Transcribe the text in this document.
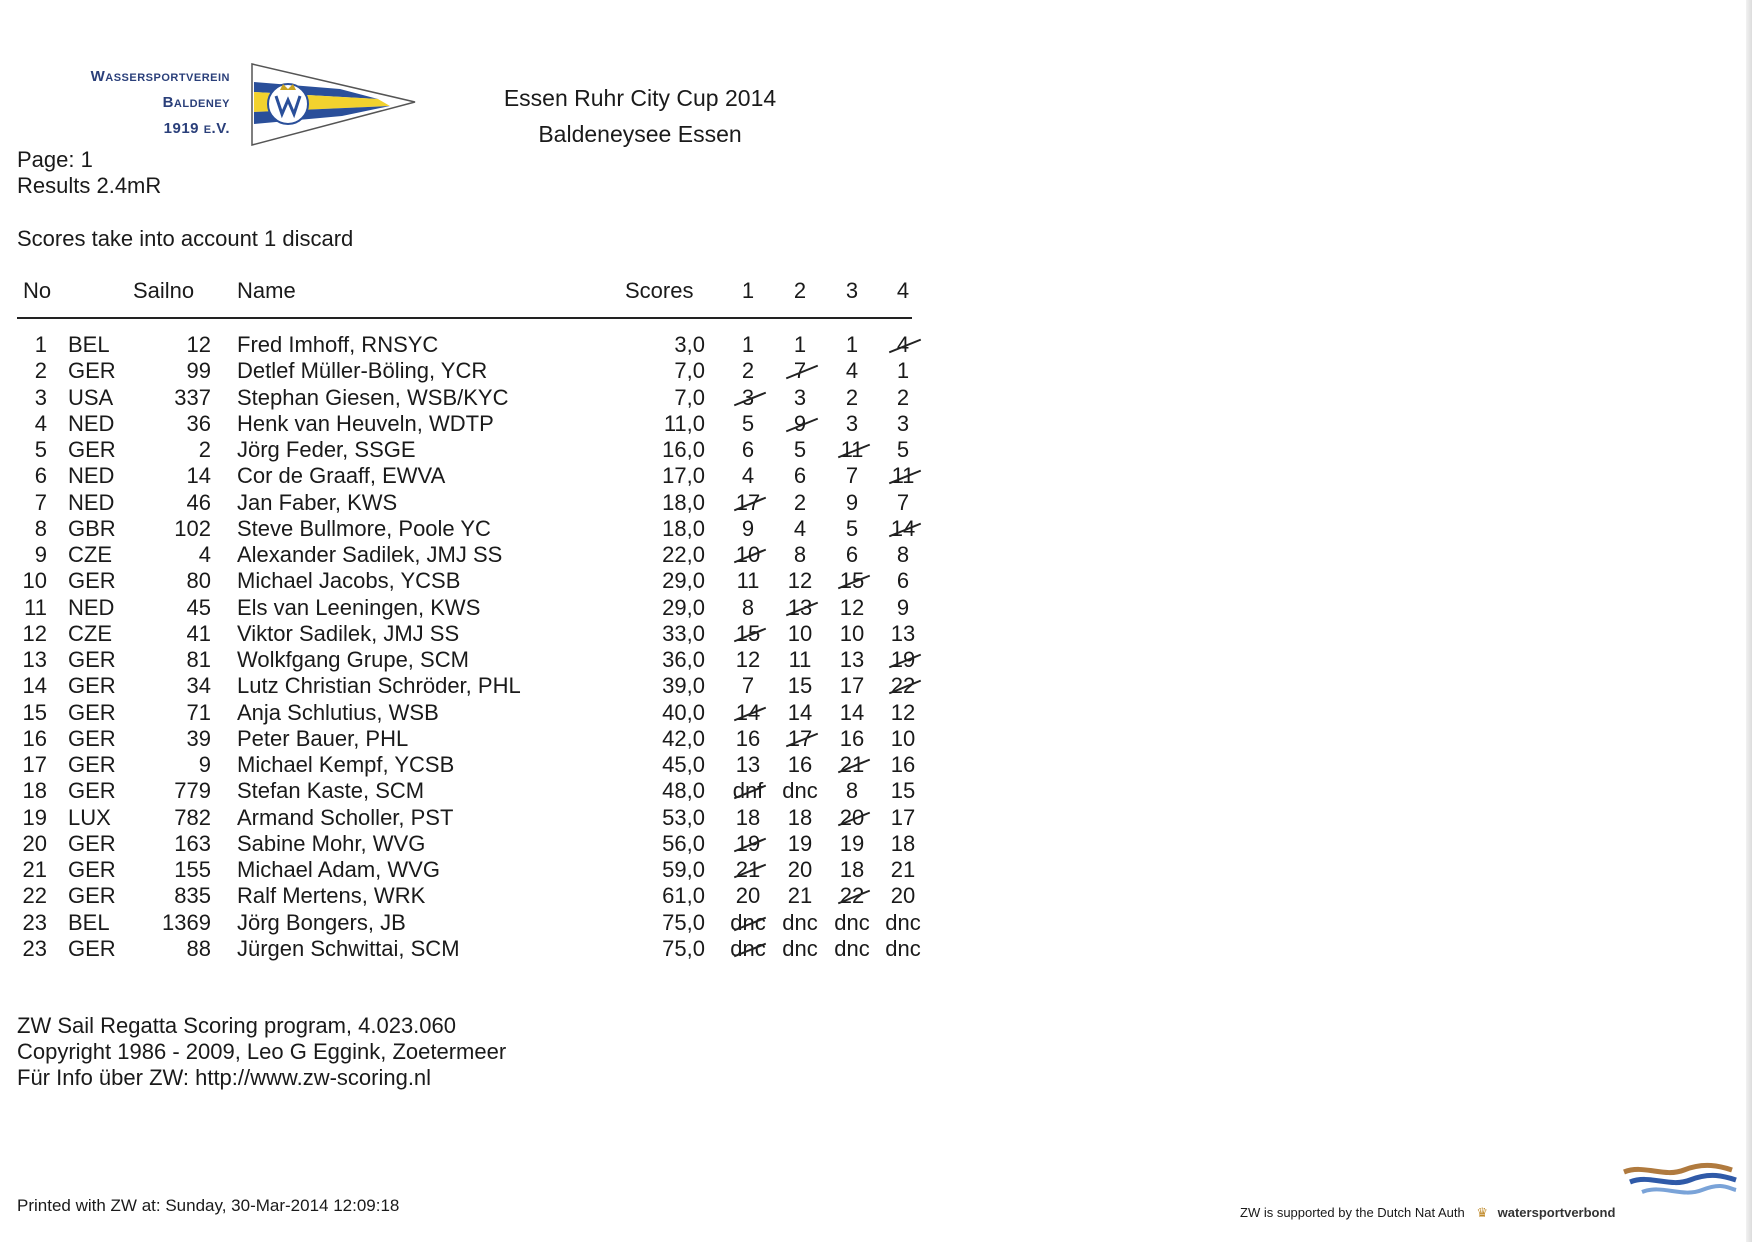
Wassersportverein
Baldeney
1919 e.V.
Essen Ruhr City Cup 2014
Baldeneysee Essen
Page: 1
Results 2.4mR
Scores take into account 1 discard
No	Sailno Name	Scores	1	2	3	4
1 BEL	12 Fred Imhoff, RNSYC	3,0	1	1	1	4
2 GER	99 Detlef Müller-Böling, YCR	7,0	2	7	4	1
3 USA	337 Stephan Giesen, WSB/KYC	7,0	3	3	2	2
4 NED	36 Henk van Heuveln, WDTP	11,0	5	9	3	3
5 GER	2 Jörg Feder, SSGE	16,0	6	5	11	5
6 NED	14 Cor de Graaff, EWVA	17,0	4	6	7	11
7 NED	46 Jan Faber, KWS	18,0	17	2	9	7
8 GBR	102 Steve Bullmore, Poole YC	18,0	9	4	5	14
9 CZE	4 Alexander Sadilek, JMJ SS	22,0	10	8	6	8
10 GER	80 Michael Jacobs, YCSB	29,0	11	12	15	6
11 NED	45 Els van Leeningen, KWS	29,0	8	13	12	9
12 CZE	41 Viktor Sadilek, JMJ SS	33,0	15	10	10	13
13 GER	81 Wolkfgang Grupe, SCM	36,0	12	11	13	19
14 GER	34 Lutz Christian Schröder, PHL	39,0	7	15	17	22
15 GER	71 Anja Schlutius, WSB	40,0	14	14	14	12
16 GER	39 Peter Bauer, PHL	42,0	16	17	16	10
17 GER	9 Michael Kempf, YCSB	45,0	13	16	21	16
18 GER	779 Stefan Kaste, SCM	48,0	dnf dnc	8	15
19 LUX	782 Armand Scholler, PST	53,0	18	18	20	17
20 GER	163 Sabine Mohr, WVG	56,0	19	19	19	18
21 GER	155 Michael Adam, WVG	59,0	21	20	18	21
22 GER	835 Ralf Mertens, WRK	61,0	20	21	22	20
23 BEL	1369 Jörg Bongers, JB	75,0	dnc dnc dnc dnc
23 GER	88 Jürgen Schwittai, SCM	75,0	dnc dnc dnc dnc
ZW Sail Regatta Scoring program, 4.023.060
Copyright 1986 - 2009, Leo G Eggink, Zoetermeer
Für Info über ZW: http://www.zw-scoring.nl
Printed with ZW at: Sunday, 30-Mar-2014 12:09:18	ZW is supported by the Dutch Nat Auth ♛ watersportverbond
